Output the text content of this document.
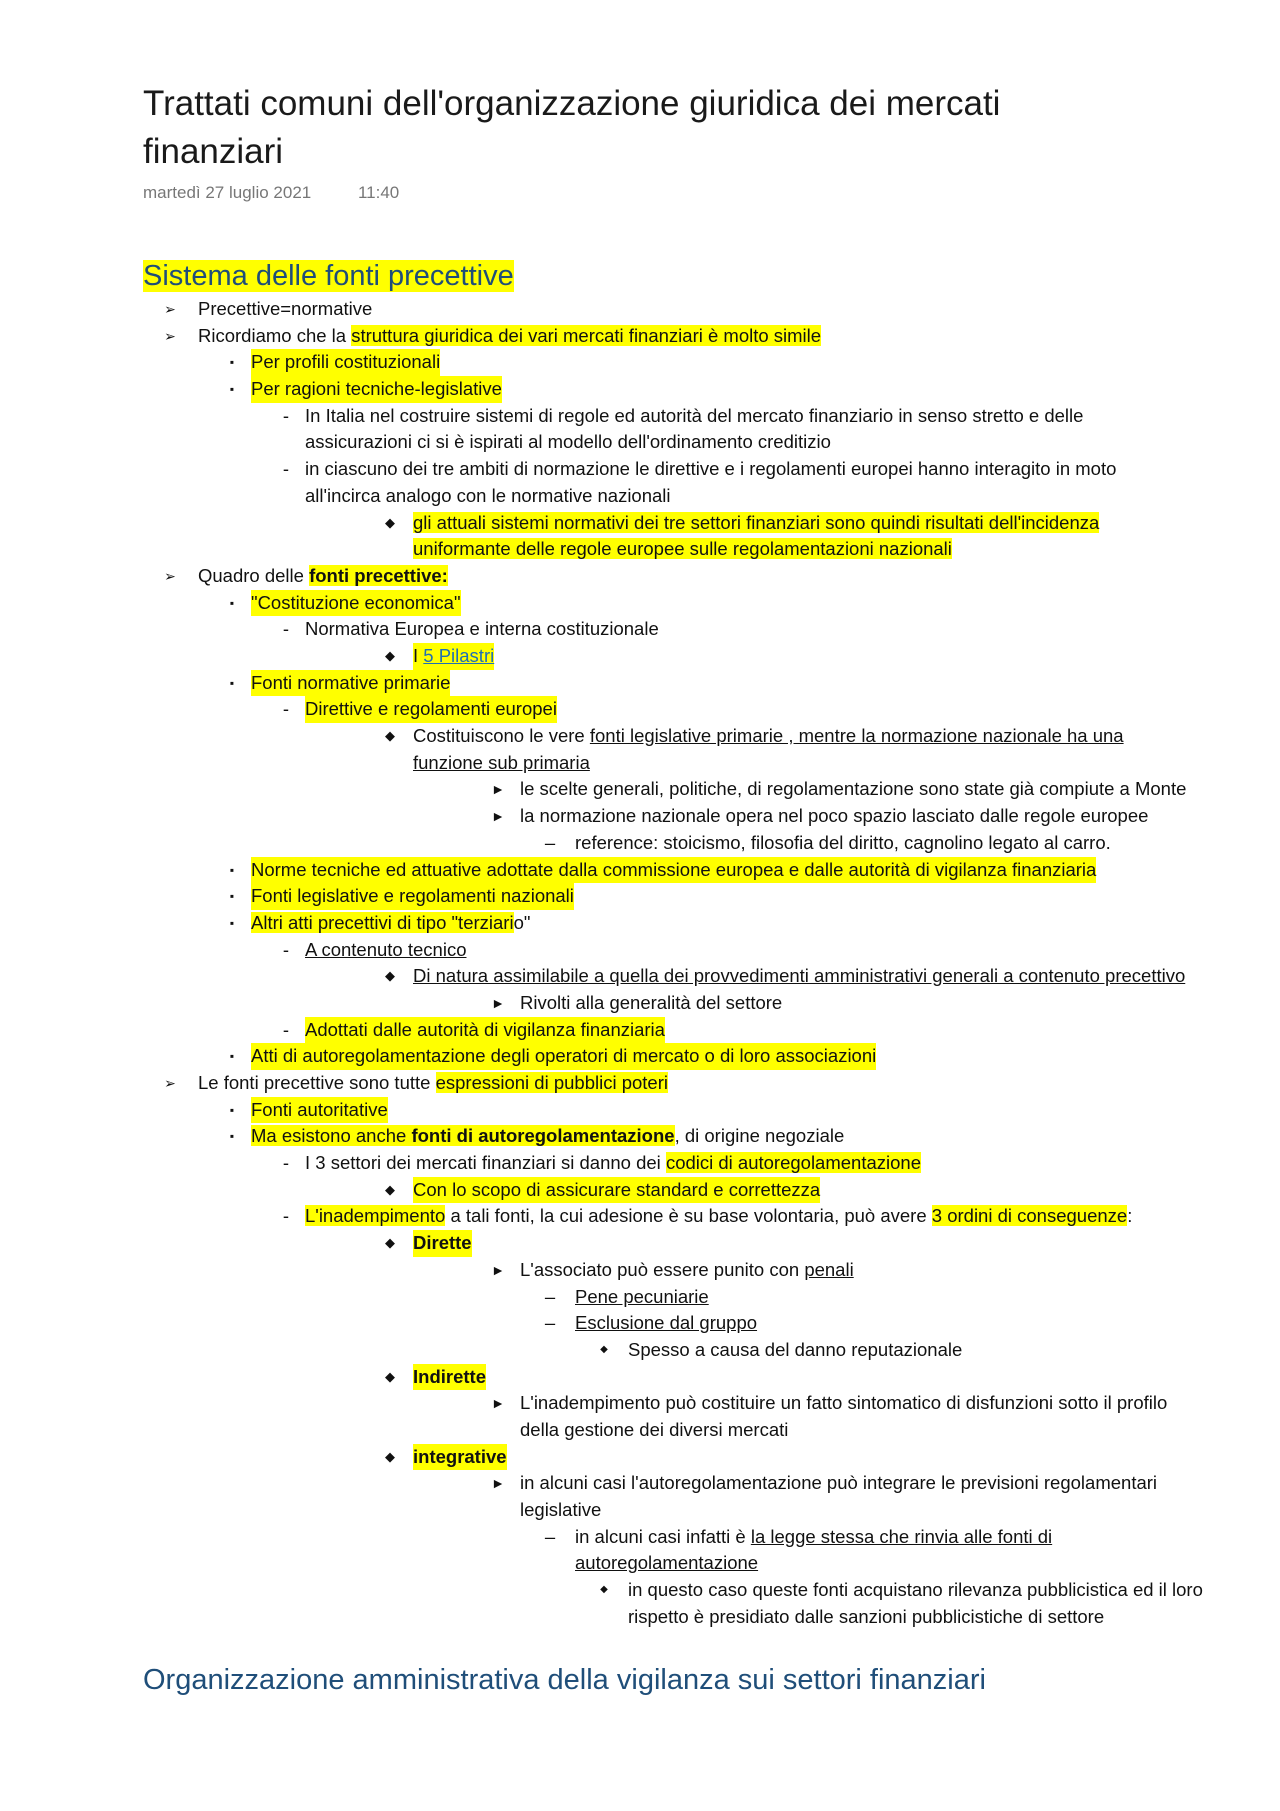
Trattati comuni dell'organizzazione giuridica dei mercati finanziari
martedì 27 luglio 2021	11:40
Sistema delle fonti precettive
➢ Precettive=normative
➢ Ricordiamo che la struttura giuridica dei vari mercati finanziari è molto simile
▪ Per profili costituzionali
▪ Per ragioni tecniche-legislative
- In Italia nel costruire sistemi di regole ed autorità del mercato finanziario in senso stretto e delle
assicurazioni ci si è ispirati al modello dell'ordinamento creditizio
- in ciascuno dei tre ambiti di normazione le direttive e i regolamenti europei hanno interagito in moto
all'incirca analogo con le normative nazionali
◆ gli attuali sistemi normativi dei tre settori finanziari sono quindi risultati dell'incidenza
uniformante delle regole europee sulle regolamentazioni nazionali
➢ Quadro delle fonti precettive:
▪ "Costituzione economica"
- Normativa Europea e interna costituzionale
◆ I 5 Pilastri
▪ Fonti normative primarie
- Direttive e regolamenti europei
◆ Costituiscono le vere fonti legislative primarie , mentre la normazione nazionale ha una
funzione sub primaria
► le scelte generali, politiche, di regolamentazione sono state già compiute a Monte
► la normazione nazionale opera nel poco spazio lasciato dalle regole europee
– reference: stoicismo, filosofia del diritto, cagnolino legato al carro.
▪ Norme tecniche ed attuative adottate dalla commissione europea e dalle autorità di vigilanza finanziaria
▪ Fonti legislative e regolamenti nazionali
▪ Altri atti precettivi di tipo "terziario"
- A contenuto tecnico
◆ Di natura assimilabile a quella dei provvedimenti amministrativi generali a contenuto precettivo
► Rivolti alla generalità del settore
- Adottati dalle autorità di vigilanza finanziaria
▪ Atti di autoregolamentazione degli operatori di mercato o di loro associazioni
➢ Le fonti precettive sono tutte espressioni di pubblici poteri
▪ Fonti autoritative
▪ Ma esistono anche fonti di autoregolamentazione, di origine negoziale
- I 3 settori dei mercati finanziari si danno dei codici di autoregolamentazione
◆ Con lo scopo di assicurare standard e correttezza
- L'inadempimento a tali fonti, la cui adesione è su base volontaria, può avere 3 ordini di conseguenze:
◆ Dirette
► L'associato può essere punito con penali
– Pene pecuniarie
– Esclusione dal gruppo
◆	Spesso a causa del danno reputazionale
◆ Indirette
► L'inadempimento può costituire un fatto sintomatico di disfunzioni sotto il profilo
della gestione dei diversi mercati
◆ integrative
► in alcuni casi l'autoregolamentazione può integrare le previsioni regolamentari
legislative
– in alcuni casi infatti è la legge stessa che rinvia alle fonti di
autoregolamentazione
◆	in questo caso queste fonti acquistano rilevanza pubblicistica ed il loro
rispetto è presidiato dalle sanzioni pubblicistiche di settore
Organizzazione amministrativa della vigilanza sui settori finanziari
